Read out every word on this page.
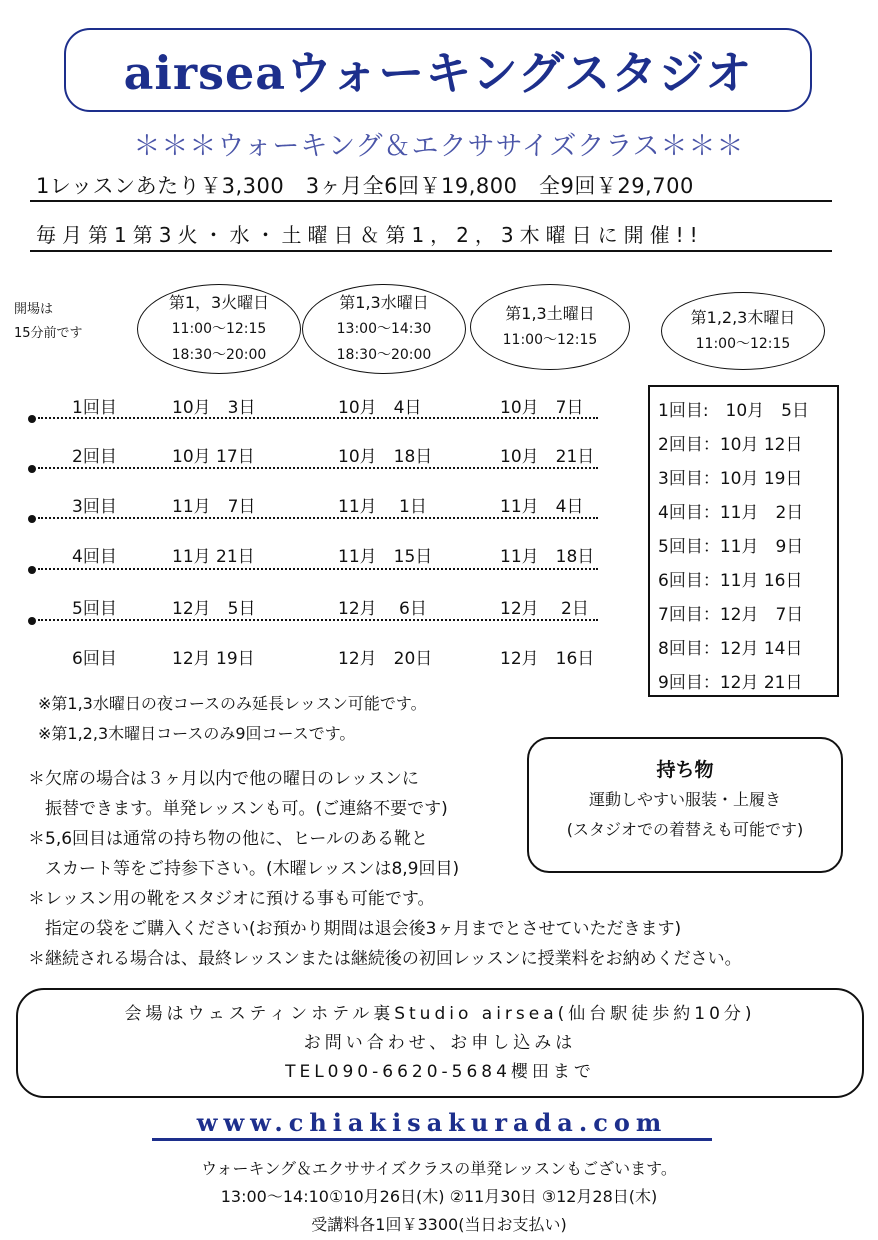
airseaウォーキングスタジオ
＊＊＊ウォーキング＆エクササイズクラス＊＊＊
1レッスンあたり￥3,300　3ヶ月全6回￥19,800　全9回￥29,700
毎月第1第3火・水・土曜日＆第1，2，3木曜日に開催!!
開場は
15分前です
第1，3火曜日
11:00〜12:15
18:30〜20:00
第1,3水曜日
13:00〜14:30
18:30〜20:00
第1,3土曜日
11:00〜12:15
第1,2,3木曜日
11:00〜12:15
1回目	10月　3日	10月　4日	10月　7日
2回目	10月 17日	10月　18日	10月　21日
3回目	11月　7日	11月　 1日	11月　4日
4回目	11月 21日	11月　15日	11月　18日
5回目	12月　5日	12月　 6日	12月　 2日
6回目	12月 19日	12月　20日	12月　16日
1回目:　10月　5日
2回目：10月 12日
3回目：10月 19日
4回目：11月　2日
5回目：11月　9日
6回目：11月 16日
7回目：12月　7日
8回目：12月 14日
9回目：12月 21日
※第1,3水曜日の夜コースのみ延長レッスン可能です。
※第1,2,3木曜日コースのみ9回コースです。
＊欠席の場合は３ヶ月以内で他の曜日のレッスンに
　振替できます。単発レッスンも可。(ご連絡不要です)
＊5,6回目は通常の持ち物の他に、ヒールのある靴と
　スカート等をご持参下さい。(木曜レッスンは8,9回目)
＊レッスン用の靴をスタジオに預ける事も可能です。
　指定の袋をご購入ください(お預かり期間は退会後3ヶ月までとさせていただきます)
＊継続される場合は、最終レッスンまたは継続後の初回レッスンに授業料をお納めください。
持ち物
運動しやすい服装・上履き
(スタジオでの着替えも可能です)
会場はウェスティンホテル裏Studio airsea(仙台駅徒歩約10分)
お問い合わせ、お申し込みは
TEL090-6620-5684櫻田まで
www.chiakisakurada.com
ウォーキング＆エクササイズクラスの単発レッスンもございます。
13:00〜14:10①10月26日(木) ②11月30日 ③12月28日(木)
受講料各1回￥3300(当日お支払い)
